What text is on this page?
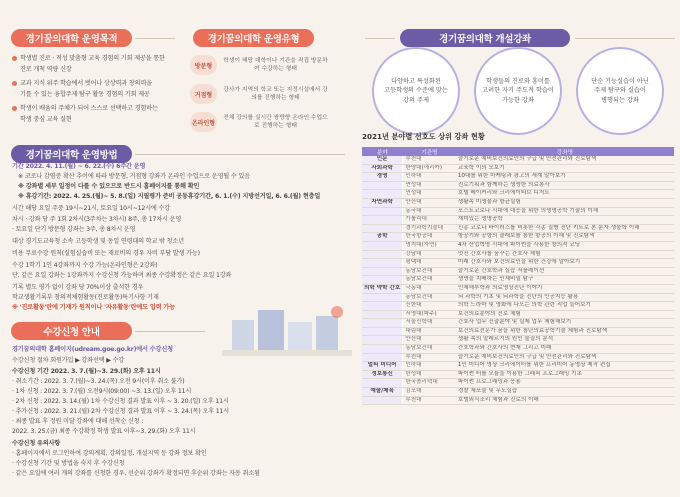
경기꿈의대학 운영목적
학생별 진로 · 적성 맞춤형 교육 경험의 기회 제공을 통한
진로 개척 역량 신장
교과 지식 위주 학습에서 벗어나 상상력과 창의력을
기를 수 있는 융합주제 탐구 활동 경험의 기회 제공
학생이 배움의 주체가 되어 스스로 선택하고 경험하는
학생 중심 교육 실현
경기꿈의대학 운영유형
방문형
학생이 해당 대학이나 기관을 직접 방문하여 수강하는 형태
거점형
강사가 지역의 학교 또는 지정시설에서 강의를 진행하는 형태
온라인형
전체 강의를 실시간 쌍방향 온라인 수업으로 진행하는 형태
경기꿈의대학 개설강좌
다양하고 특성화된
고등학생의 수준에 맞는
강의 주제
학생들의 진로와 흥미를
고려한 자기 주도적 학습이
가능한 강좌
단순 기능실습이 아닌
주제 탐구와 실습이
병행되는 강좌
경기꿈의대학 운영방법
기간 2022. 4. 11.(월) ~ 6. 22.(수) 6주간 운영
※ 코로나 감염증 확산 추이에 따라 방문형, 거점형 강좌가 온라인 수업으로 운영될 수 있음
※ 강좌별 세부 일정이 다를 수 있으므로 반드시 홈페이지를 통해 확인
※ 휴강기간: 2022. 4. 25.(월)~ 5. 8.(일) 지필평가 준비 공동휴강기간, 6. 1.(수) 지방선거일, 6. 6.(월) 현충일
시간 해당 요일 주중 19시~21시, 토요일 10시~12시에 수강
차시 · 강좌 당 주 1회 2차시(3주차는 3차시) 8주, 총 17차시 운영
· 토요일 단기 방문형 강좌는 3주, 총 8차시 운영
대상 경기도교육청 소속 고등학생 및 동일 연령대의 학교 밖 청소년
비용 무료수강 원칙(실험실습비 또는 재료비의 경우 자비 부담 발생 가능)
수강 1학기 1인 4강좌까지 수강 가능(온라인형은 2강좌)
단, 같은 요일 강좌는 1강좌까지 수강신청 가능하며 최종 수강확정은 같은 요일 1강좌
기록 별도 평가 없이 강좌 당 70%이상 출석한 경우
학교생활기록부 창의적체험활동(진로활동)특기사항 기재
※ '진로활동'란에 기재가 원칙이나 '자유활동'란에도 입력 가능
수강신청 안내
경기꿈의대학 홈페이지(udream.goe.go.kr)에서 수강신청
수강신청 절차 회원가입 ▶ 강좌선택 ▶ 수강
수강신청 기간 2022. 3. 7.(월)~3. 29.(화) 오후 11시
· 취소기간 : 2022. 3. 7.(월)~3. 24.(목) 오전 9시(이후 취소 불가)
· 1차 신청 : 2022. 3. 7.(월) 오전9시(09:00) ~3. 13.(일) 오후 11시
· 2차 신청 : 2022. 3. 14.(월) 1차 수강신청 결과 발표 이후 ~ 3. 20.(일) 오후 11시
· 추가신청 : 2022. 3. 21.(월) 2차 수강신청 결과 발표 이후 ~ 3. 24.(목) 오후 11시
· 최종 발표 후 정원 미달 강좌에 대해 선착순 신청 :
2022. 3. 25.(금) 최종 수강확정 학생 발표 이후~3. 29.(화) 오후 11시
수강신청 유의사항
· 홈페이지에서 로그인하여 강의계획, 강의일정, 개설지역 등 강좌 정보 확인
· 수강신청 기간 및 방법을 숙지 후 수강신청
· 같은 요일에 여러 개의 강좌를 신청한 경우, 선순위 강좌가 확정되면 후순위 강좌는 자동 취소됨
2021년 분야별 선호도 상위 강좌 현황
분야	기관명	강좌명
인문	부천대	슬기로운 예비보건의료인의 구급 및 안전관리와 진로탐색
사회과학	한양대(에리카)	교육학 이의 모보기
경영	인하대	10대를 위한 마케팅과 광고의 세계 알아보기
	연성대	진로기획과 함께하는 생생한 의료봉사
	연성대	호텔 베이커리와 크리에이티브 디저트
자연과학	안산대	생활속 미생물과 항균실험
	동국대	포스트코로나 시대에 대응을 위한 의생명공학 기술의 이해
	가톨릭대	재미있는 생명공학
	경기과학기술대	신종 코로나 바이러스를 비롯한 각종 질병 진단 키트로 본 분자 생물학 이해
공학	한국항공대	항공기와 공항의 클래보를 통한 항공의 이해 및 진로탐색
	명지대(자연)	4차 산업혁명 시대에 파이썬을 사용한 창의적 코딩
	강남대	멋진 간호사를 꿈꾸는 간호사 체험
	평택대	미래 간호사와 보건의료인을 위한 건강에 알아보기
	동남보건대	슬기로운 간호학과 실습 서플레이션
	동남보건대	생명을 지배하는 인체비밀 탐구
의학 약학 간호	극동대	인체해부학과 의료영상진단 이야기
	동남보건대	뇌 과학의 기초 및 뇌과학을 진단의 인공지능 활용
	신한대	의학 드라마 및 영화에 나오는 의학 관련 직업 들어보기
	서영대(파주)	보건의료분야의 진로 체험
	서울신학대	간호사 업무 진출분야 및 실제 업무 체험해보기
	대림대	보건의료전문가 꿈을 위한 첨단의료공학기술 체험과 진로탐색
	안산대	생활 속의 알레르기의 원인 물질의 분석
	동남보건대	간호학과와 간호사의 현재 그리고 미래
	부천대	슬기로운 예비보건의료인의 구급 및 안전관리와 진로탐색
멀티 미디어	인하대	1인 미디어 영상 크리에이터를 위한 프리미어 동영상 제작 편집
정보통신	한성대	파이썬 터틀 모듈을 이용한 그래픽 프로그래밍 기초
	한국폴리텍대	파이썬 프로그래밍과 응용
예술/체육	김포대	경찰 체포술 및 무도실습
	부천대	호텔외식조리 체험과 진로의 이해
